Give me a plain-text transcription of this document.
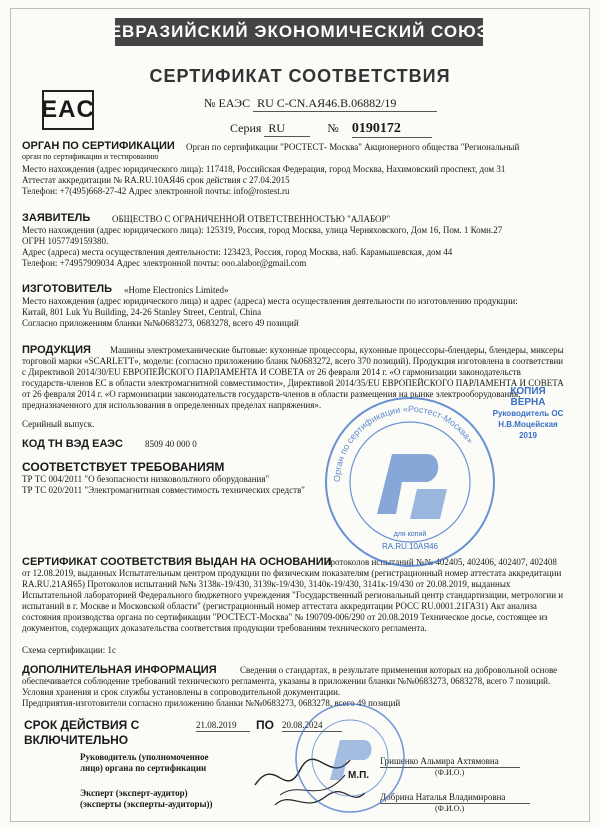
ЕВРАЗИЙСКИЙ ЭКОНОМИЧЕСКИЙ СОЮЗ
СЕРТИФИКАТ СООТВЕТСТВИЯ
EAC	№ ЕАЭС RU C-CN.АЯ46.В.06882/19
Серия RU	№ 0190172
ОРГАН ПО СЕРТИФИКАЦИИ
орган по сертификации и тестированию
Орган по сертификации "РОСТЕСТ- Москва" Акционерного общества "Региональный
Место нахождения (адрес юридического лица): 117418, Российская Федерация, город Москва, Нахимовский проспект, дом 31
Аттестат аккредитации № RA.RU.10АЯ46 срок действия с 27.04.2015
Телефон: +7(495)668-27-42 Адрес электронной почты: info@rostest.ru
ЗАЯВИТЕЛЬ ОБЩЕСТВО С ОГРАНИЧЕННОЙ ОТВЕТСТВЕННОСТЬЮ "АЛАБОР"
Место нахождения (адрес юридического лица): 125319, Россия, город Москва, улица Черняховского, Дом 16, Пом. 1 Комн.27
ОГРН 1057749159380.
Адрес (адреса) места осуществления деятельности: 123423, Россия, город Москва, наб. Карамышевская, дом 44
Телефон: +74957909034 Адрес электронной почты: ooo.alabor@gmail.com
ИЗГОТОВИТЕЛЬ «Home Electronics Limited»
Место нахождения (адрес юридического лица) и адрес (адреса) места осуществления деятельности по изготовлению продукции:
Китай, 801 Luk Yu Building, 24-26 Stanley Street, Central, China
Согласно приложениям бланки №№0683273, 0683278, всего 49 позиций
ПРОДУКЦИЯ	Машины электромеханические бытовые: кухонные процессоры, кухонные процессоры-блендеры, блендеры, миксеры торговой марки «SCARLETT», модели: (согласно приложению бланк №0683272, всего 370 позиций). Продукция изготовлена в соответствии с Директивой 2014/30/EU ЕВРОПЕЙСКОГО ПАРЛАМЕНТА И СОВЕТА от 26 февраля 2014 г. «О гармонизации законодательств государств-членов ЕС в области электромагнитной совместимости», Директивой 2014/35/EU ЕВРОПЕЙСКОГО ПАРЛАМЕНТА И СОВЕТА от 26 февраля 2014 г. «О гармонизации законодательств государств-членов в области размещения на рынке электрооборудования, предназначенного для использования в определенных пределах напряжения».
Серийный выпуск.
КОД ТН ВЭД ЕАЭС 8509 40 000 0
СООТВЕТСТВУЕТ ТРЕБОВАНИЯМ
ТР ТС 004/2011 "О безопасности низковольтного оборудования"
ТР ТС 020/2011 "Электромагнитная совместимость технических средств"
СЕРТИФИКАТ СООТВЕТСТВИЯ ВЫДАН НА ОСНОВАНИИ
Протоколов испытаний №№ 402405, 402406, 402407, 402408 от 12.08.2019, выданных Испытательным центром продукции по физическим показателям (регистрационный номер аттестата аккредитации RA.RU.21AЯ65) Протоколов испытаний №№ 3138к-19/430, 3139к-19/430, 3140к-19/430, 3141к-19/430 от 20.08.2019, выданных Испытательной лабораторией Федерального бюджетного учреждения "Государственный региональный центр стандартизации, метрологии и испытаний в г. Москве и Московской области" (регистрационный номер аттестата аккредитации РОСС RU.0001.21ГА31) Акт анализа состояния производства органа по сертификации "РОСТЕСТ-Москва" № 190709-006/290 от 20.08.2019 Техническое досье, состоящее из документов, содержащих доказательства соответствия продукции требованиям технического регламента.
Схема сертификации: 1с
ДОПОЛНИТЕЛЬНАЯ ИНФОРМАЦИЯ	Сведения о стандартах, в результате применения которых на добровольной основе обеспечивается соблюдение требований технического регламента, указаны в приложении бланки №№0683273, 0683278, всего 7 позиций. Условия хранения и срок службы установлены в сопроводительной документации.
Предприятия-изготовители согласно приложению бланки №№0683273, 0683278, всего 49 позиций
СРОК ДЕЙСТВИЯ С
ВКЛЮЧИТЕЛЬНО
21.08.2019	ПО 20.08.2024
Руководитель (уполномоченное
лицо) органа по сертификации
Гришенко Альмира Ахтямовна
(Ф.И.О.)
М.П.
Эксперт (эксперт-аудитор)
(эксперты (эксперты-аудиторы))
Добрина Наталья Владимировна
(Ф.И.О.)
КОПИЯ
ВЕРНА
Руководитель ОС
Н.В.Моцейская
2019
Орган по сертификации «Ростест-Москва»
RA.RU.10AЯ46
для копий
